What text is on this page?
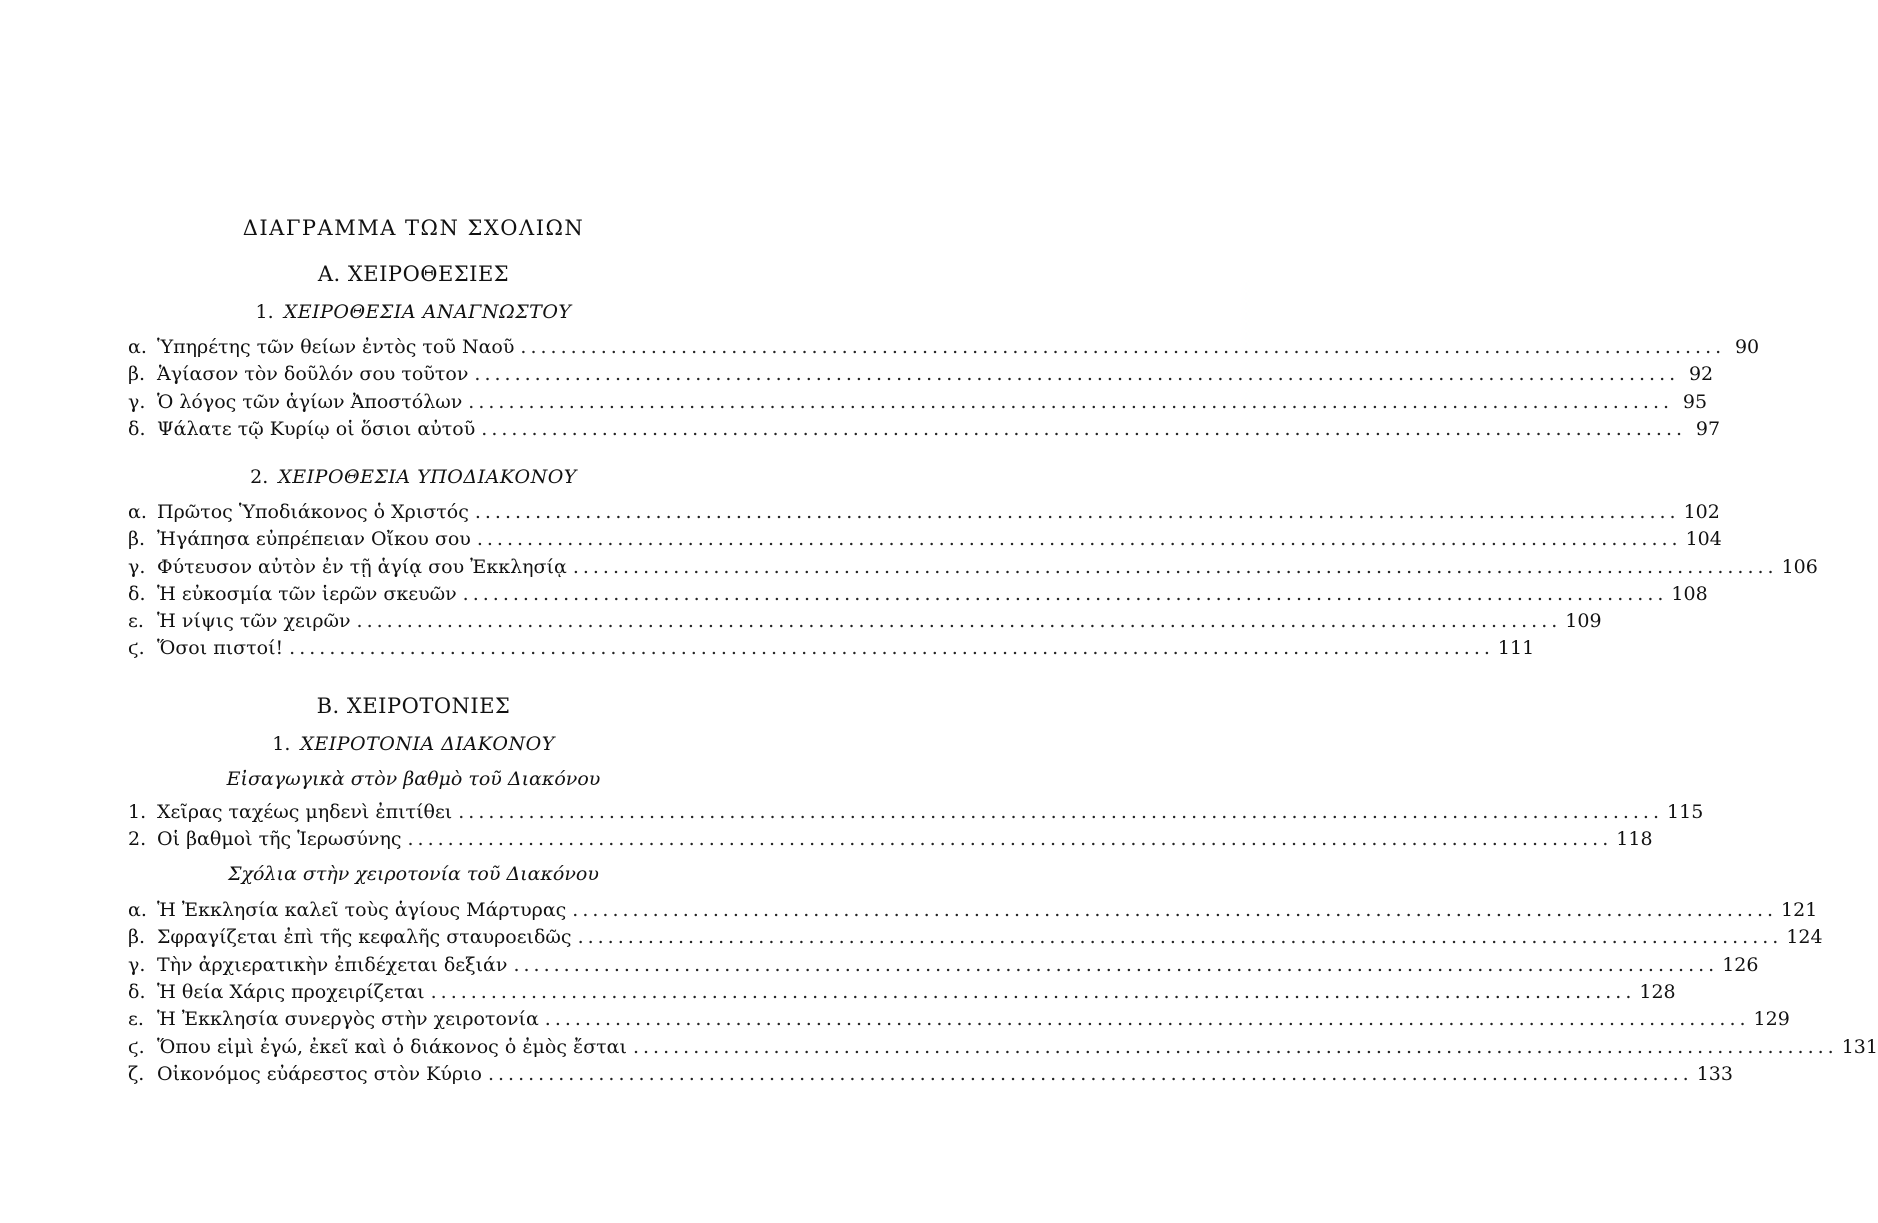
ΔΙΑΓΡΑΜΜΑ ΤΩΝ ΣΧΟΛΙΩΝ
Α. ΧΕΙΡΟΘΕΣΙΕΣ
1. ΧΕΙΡΟΘΕΣΙΑ ΑΝΑΓΝΩΣΤΟΥ
α. Ὑπηρέτης τῶν θείων ἐντὸς τοῦ Ναοῦ ........................................................................................................................ 90
β. Ἁγίασον τὸν δοῦλόν σου τοῦτον ........................................................................................................................ 92
γ. Ὁ λόγος τῶν ἁγίων Ἀποστόλων ........................................................................................................................ 95
δ. Ψάλατε τῷ Κυρίῳ οἱ ὅσιοι αὐτοῦ ........................................................................................................................ 97
2. ΧΕΙΡΟΘΕΣΙΑ ΥΠΟΔΙΑΚΟΝΟΥ
α. Πρῶτος Ὑποδιάκονος ὁ Χριστός ........................................................................................................................ 102
β. Ἠγάπησα εὐπρέπειαν Οἴκου σου ........................................................................................................................ 104
γ. Φύτευσον αὐτὸν ἐν τῇ ἁγίᾳ σου Ἐκκλησίᾳ ........................................................................................................................ 106
δ. Ἡ εὐκοσμία τῶν ἱερῶν σκευῶν ........................................................................................................................ 108
ε. Ἡ νίψις τῶν χειρῶν ........................................................................................................................ 109
ϛ. Ὅσοι πιστοί! ........................................................................................................................ 111
Β. ΧΕΙΡΟΤΟΝΙΕΣ
1. ΧΕΙΡΟΤΟΝΙΑ ΔΙΑΚΟΝΟΥ
Εἰσαγωγικὰ στὸν βαθμὸ τοῦ Διακόνου
1. Χεῖρας ταχέως μηδενὶ ἐπιτίθει ........................................................................................................................ 115
2. Οἱ βαθμοὶ τῆς Ἱερωσύνης ........................................................................................................................ 118
Σχόλια στὴν χειροτονία τοῦ Διακόνου
α. Ἡ Ἐκκλησία καλεῖ τοὺς ἁγίους Μάρτυρας ........................................................................................................................ 121
β. Σφραγίζεται ἐπὶ τῆς κεφαλῆς σταυροειδῶς ........................................................................................................................ 124
γ. Τὴν ἀρχιερατικὴν ἐπιδέχεται δεξιάν ........................................................................................................................ 126
δ. Ἡ θεία Χάρις προχειρίζεται ........................................................................................................................ 128
ε. Ἡ Ἐκκλησία συνεργὸς στὴν χειροτονία ........................................................................................................................ 129
ϛ. Ὅπου εἰμὶ ἐγώ, ἐκεῖ καὶ ὁ διάκονος ὁ ἐμὸς ἔσται ........................................................................................................................ 131
ζ. Οἰκονόμος εὐάρεστος στὸν Κύριο ........................................................................................................................ 133
